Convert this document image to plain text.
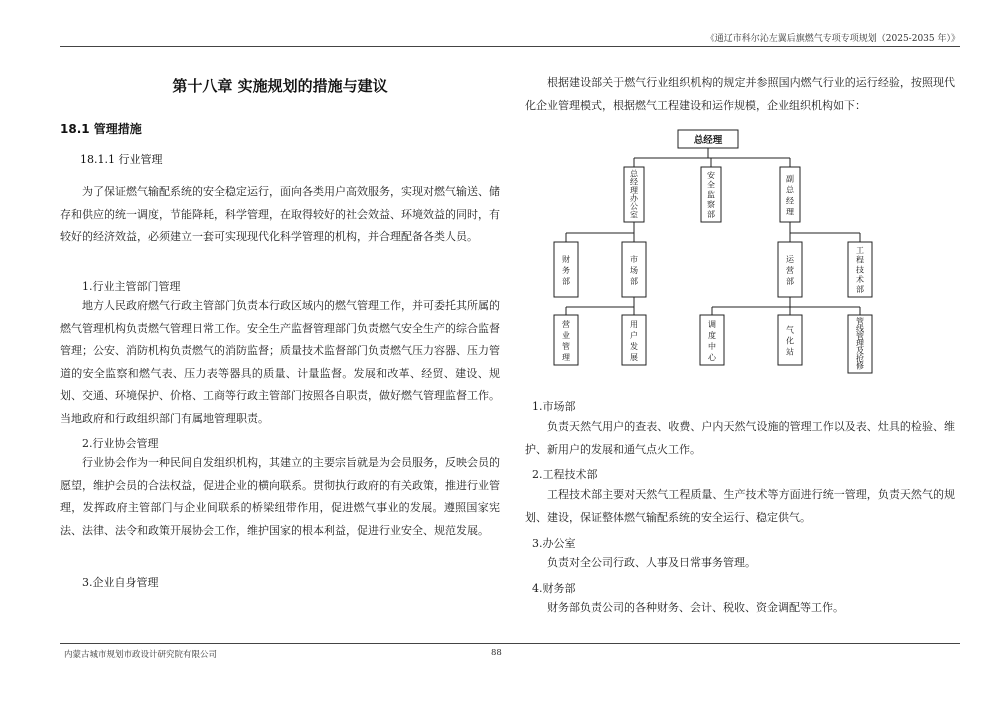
《通辽市科尔沁左翼后旗燃气专项专项规划（2025-2035 年）》
内蒙古城市规划市政设计研究院有限公司	88
第十八章 实施规划的措施与建议
18.1 管理措施
18.1.1 行业管理

为了保证燃气输配系统的安全稳定运行，面向各类用户高效服务，实现对燃气输送、储存和供应的统一调度，节能降耗，科学管理，在取得较好的社会效益、环境效益的同时，有较好的经济效益，必须建立一套可实现现代化科学管理的机构，并合理配备各类人员。

1.行业主管部门管理

地方人民政府燃气行政主管部门负责本行政区域内的燃气管理工作，并可委托其所属的燃气管理机构负责燃气管理日常工作。安全生产监督管理部门负责燃气安全生产的综合监督管理；公安、消防机构负责燃气的消防监督；质量技术监督部门负责燃气压力容器、压力管道的安全监察和燃气表、压力表等器具的质量、计量监督。发展和改革、经贸、建设、规划、交通、环境保护、价格、工商等行政主管部门按照各自职责，做好燃气管理监督工作。当地政府和行政组织部门有属地管理职责。

2.行业协会管理

行业协会作为一种民间自发组织机构，其建立的主要宗旨就是为会员服务，反映会员的愿望，维护会员的合法权益，促进企业的横向联系。贯彻执行政府的有关政策，推进行业管理，发挥政府主管部门与企业间联系的桥梁纽带作用，促进燃气事业的发展。遵照国家宪法、法律、法令和政策开展协会工作，维护国家的根本利益，促进行业安全、规范发展。

3.企业自身管理

根据建设部关于燃气行业组织机构的规定并参照国内燃气行业的运行经验，按照现代化企业管理模式，根据燃气工程建设和运作规模，企业组织机构如下：

总经理
总经理办公室
安全监察部
副总经理
财务部
市场部
运营部
工程技术部
营业管理
用户发展
调度中心
气化站
管线管理及抢修
1.市场部

负责天然气用户的查表、收费、户内天然气设施的管理工作以及表、灶具的检验、维护、新用户的发展和通气点火工作。

2.工程技术部

工程技术部主要对天然气工程质量、生产技术等方面进行统一管理，负责天然气的规划、建设，保证整体燃气输配系统的安全运行、稳定供气。

3.办公室

负责对全公司行政、人事及日常事务管理。

4.财务部

财务部负责公司的各种财务、会计、税收、资金调配等工作。
